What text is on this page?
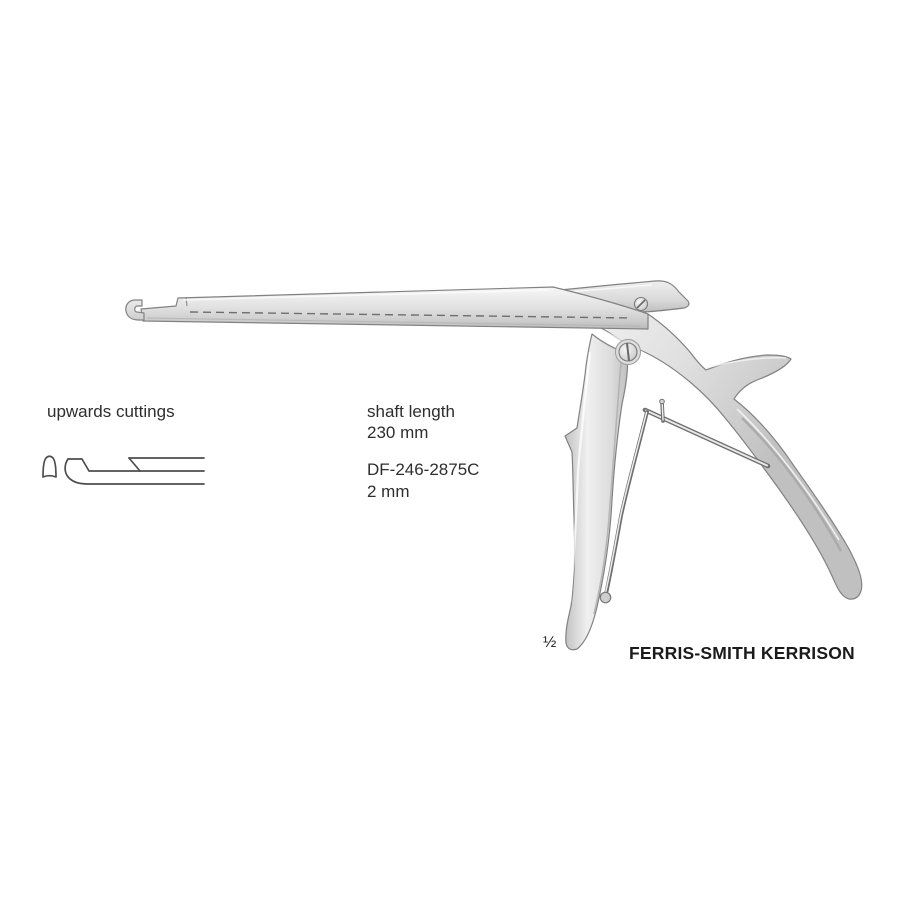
upwards cuttings	shaft length
230 mm
DF-246-2875C
2 mm
½
FERRIS-SMITH KERRISON
